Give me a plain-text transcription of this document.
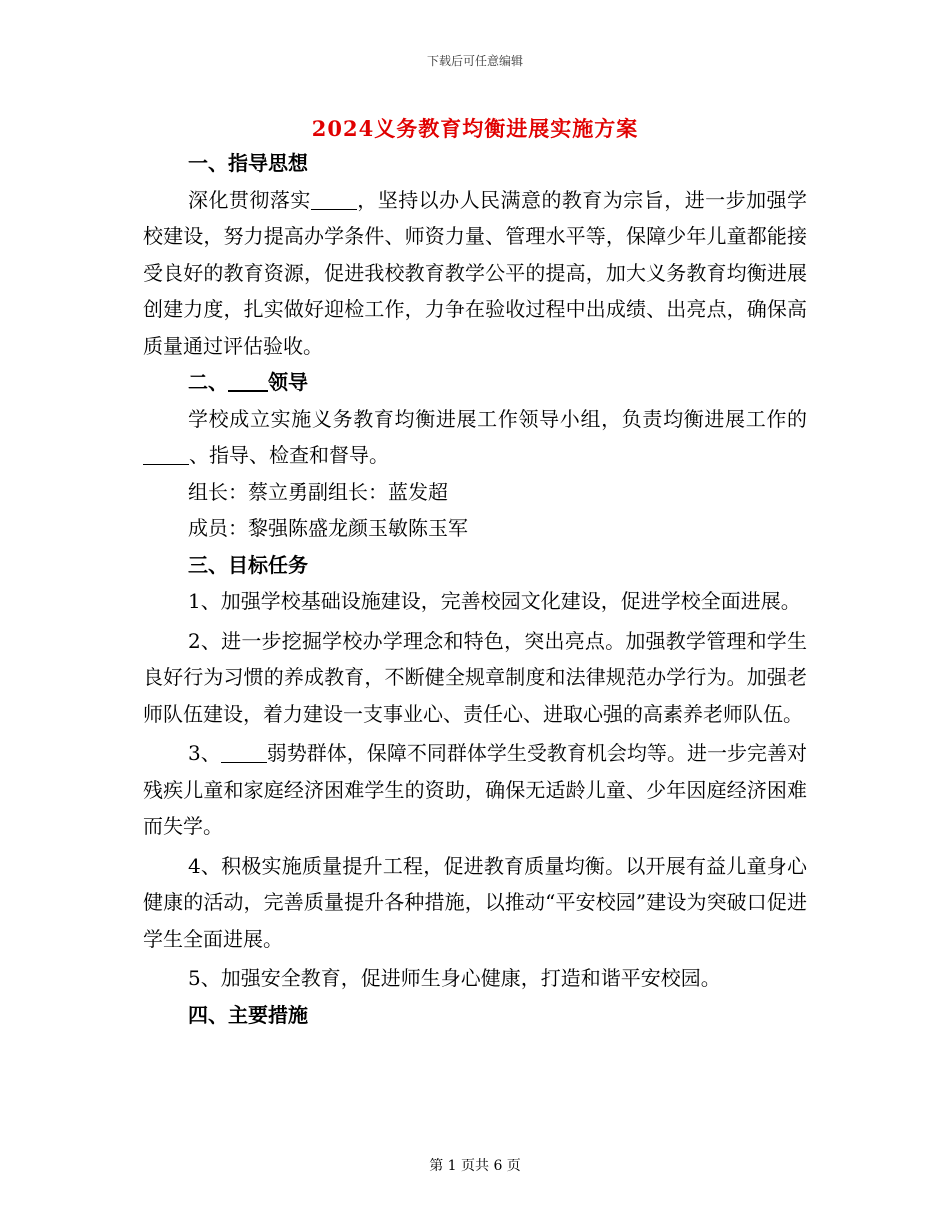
下载后可任意编辑
2024义务教育均衡进展实施方案

一、指导思想

深化贯彻落实 ，坚持以办人民满意的教育为宗旨，进一步加强学校建设，努力提高办学条件、师资力量、管理水平等，保障少年儿童都能接受良好的教育资源，促进我校教育教学公平的提高，加大义务教育均衡进展创建力度，扎实做好迎检工作，力争在验收过程中出成绩、出亮点，确保高质量通过评估验收。

二、 领导

学校成立实施义务教育均衡进展工作领导小组，负责均衡进展工作的、指导、检查和督导。

组长：蔡立勇副组长：蓝发超

成员：黎强陈盛龙颜玉敏陈玉军

三、目标任务

1、加强学校基础设施建设，完善校园文化建设，促进学校全面进展。

2、进一步挖掘学校办学理念和特色，突出亮点。加强教学管理和学生良好行为习惯的养成教育，不断健全规章制度和法律规范办学行为。加强老师队伍建设，着力建设一支事业心、责任心、进取心强的高素养老师队伍。

3、 弱势群体，保障不同群体学生受教育机会均等。进一步完善对残疾儿童和家庭经济困难学生的资助，确保无适龄儿童、少年因庭经济困难而失学。

4、积极实施质量提升工程，促进教育质量均衡。以开展有益儿童身心健康的活动，完善质量提升各种措施，以推动“平安校园”建设为突破口促进学生全面进展。

5、加强安全教育，促进师生身心健康，打造和谐平安校园。

四、主要措施

第 1 页共 6 页
